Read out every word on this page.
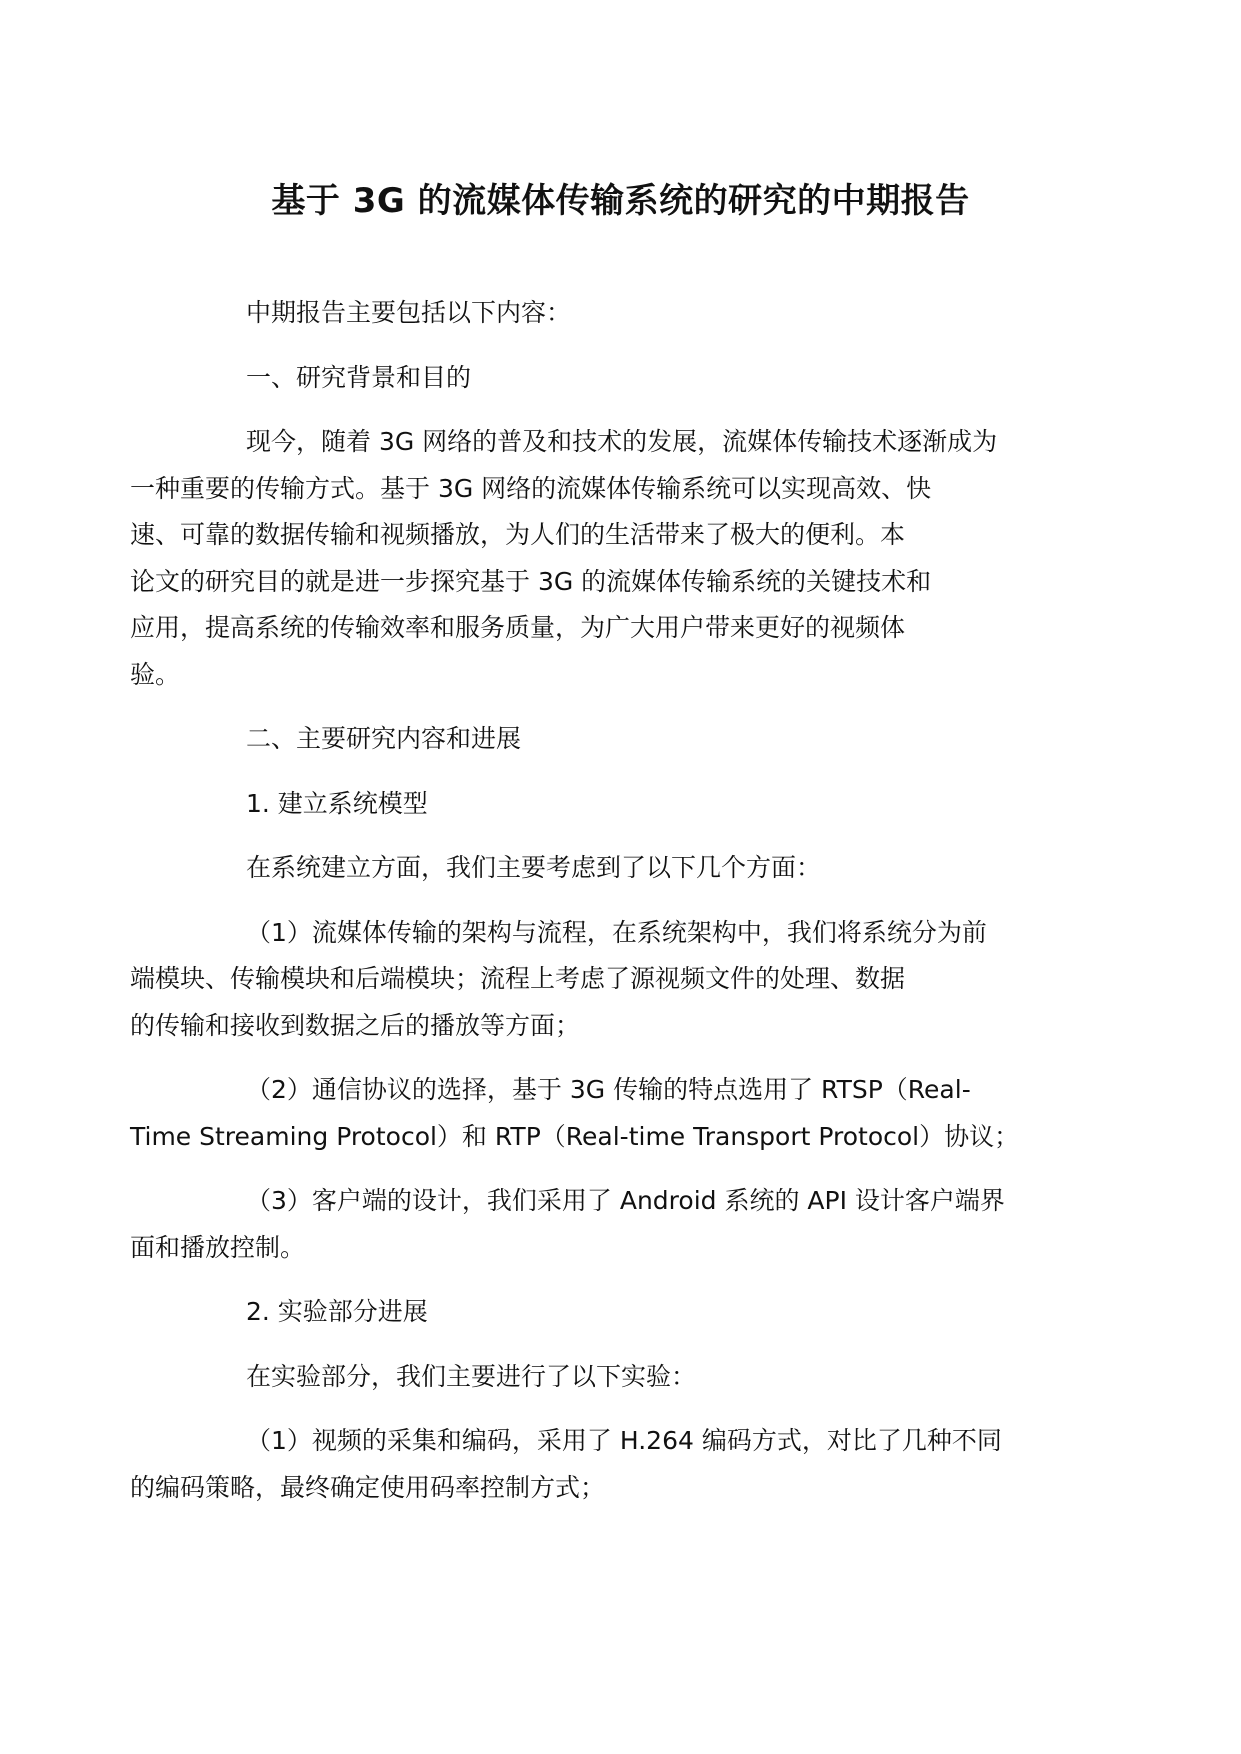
基于 3G 的流媒体传输系统的研究的中期报告

中期报告主要包括以下内容：

一、研究背景和目的

现今，随着 3G 网络的普及和技术的发展，流媒体传输技术逐渐成为
一种重要的传输方式。基于 3G 网络的流媒体传输系统可以实现高效、快
速、可靠的数据传输和视频播放，为人们的生活带来了极大的便利。本
论文的研究目的就是进一步探究基于 3G 的流媒体传输系统的关键技术和
应用，提高系统的传输效率和服务质量，为广大用户带来更好的视频体
验。

二、主要研究内容和进展

1. 建立系统模型

在系统建立方面，我们主要考虑到了以下几个方面：

（1）流媒体传输的架构与流程，在系统架构中，我们将系统分为前
端模块、传输模块和后端模块；流程上考虑了源视频文件的处理、数据
的传输和接收到数据之后的播放等方面；

（2）通信协议的选择，基于 3G 传输的特点选用了 RTSP（Real-
Time Streaming Protocol）和 RTP（Real-time Transport Protocol）协议；

（3）客户端的设计，我们采用了 Android 系统的 API 设计客户端界
面和播放控制。

2. 实验部分进展

在实验部分，我们主要进行了以下实验：

（1）视频的采集和编码，采用了 H.264 编码方式，对比了几种不同
的编码策略，最终确定使用码率控制方式；
